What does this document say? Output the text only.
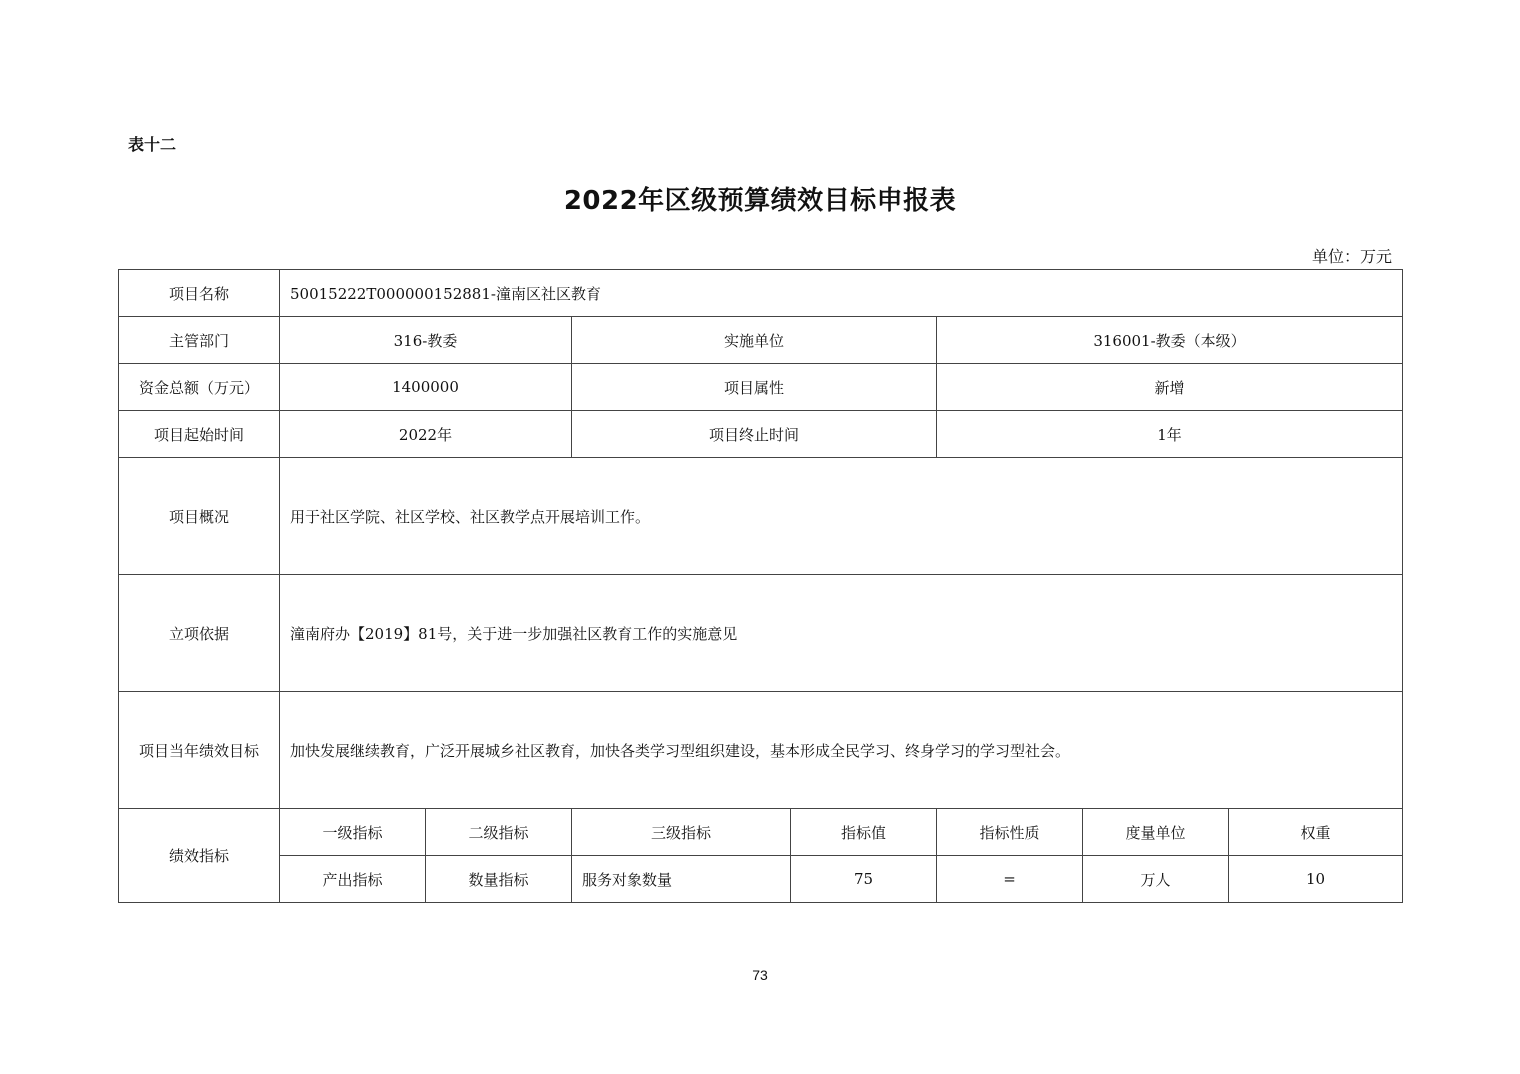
表十二
2022年区级预算绩效目标申报表
单位：万元
项目名称	50015222T000000152881-潼南区社区教育						
主管部门	316-教委		实施单位		316001-教委（本级）		
资金总额（万元）	1400000		项目属性		新增		
项目起始时间	2022年		项目终止时间		1年		
项目概况	用于社区学院、社区学校、社区教学点开展培训工作。						
立项依据	潼南府办【2019】81号，关于进一步加强社区教育工作的实施意见						
项目当年绩效目标	加快发展继续教育，广泛开展城乡社区教育，加快各类学习型组织建设，基本形成全民学习、终身学习的学习型社会。						
绩效指标	一级指标	二级指标	三级指标	指标值	指标性质	度量单位	权重
	产出指标	数量指标	服务对象数量	75	=	万人	10
73
